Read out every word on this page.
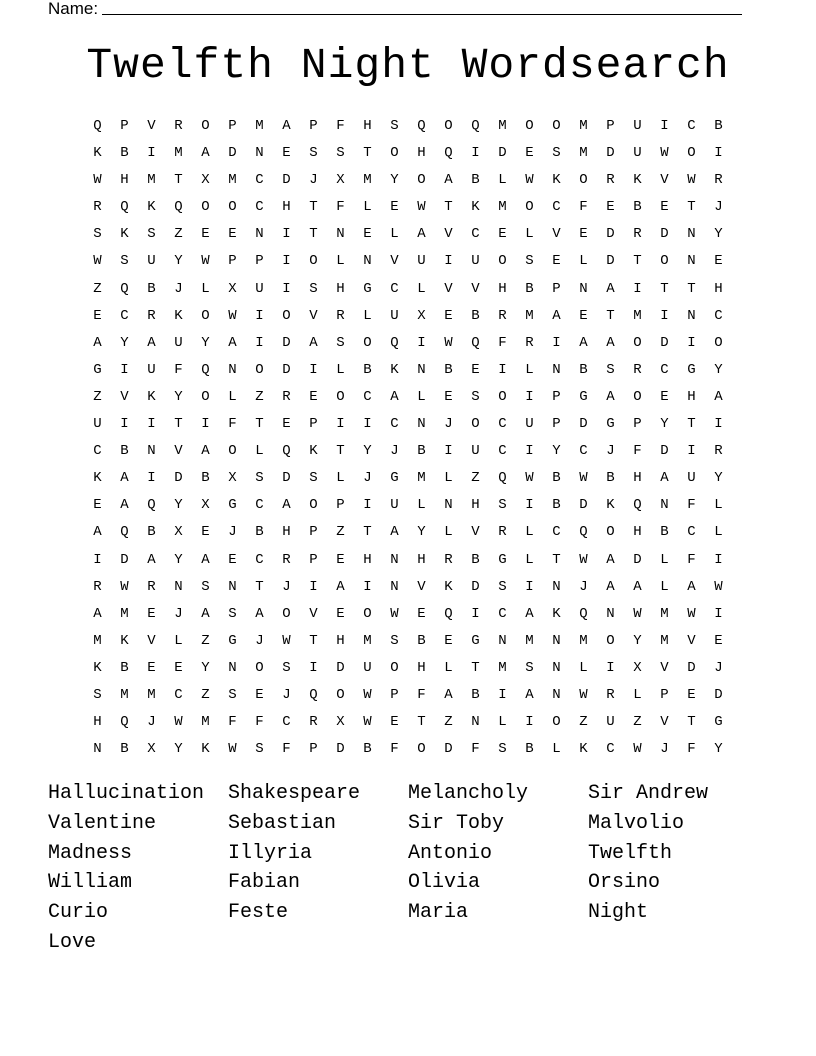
Name:
Twelfth Night Wordsearch
Q	P	V	R	O	P	M	A	P	F	H	S	Q	O	Q	M	O	O	M	P	U	I	C	B
K	B	I	M	A	D	N	E	S	S	T	O	H	Q	I	D	E	S	M	D	U	W	O	I
W	H	M	T	X	M	C	D	J	X	M	Y	O	A	B	L	W	K	O	R	K	V	W	R
R	Q	K	Q	O	O	C	H	T	F	L	E	W	T	K	M	O	C	F	E	B	E	T	J
S	K	S	Z	E	E	N	I	T	N	E	L	A	V	C	E	L	V	E	D	R	D	N	Y
W	S	U	Y	W	P	P	I	O	L	N	V	U	I	U	O	S	E	L	D	T	O	N	E
Z	Q	B	J	L	X	U	I	S	H	G	C	L	V	V	H	B	P	N	A	I	T	T	H
E	C	R	K	O	W	I	O	V	R	L	U	X	E	B	R	M	A	E	T	M	I	N	C
A	Y	A	U	Y	A	I	D	A	S	O	Q	I	W	Q	F	R	I	A	A	O	D	I	O
G	I	U	F	Q	N	O	D	I	L	B	K	N	B	E	I	L	N	B	S	R	C	G	Y
Z	V	K	Y	O	L	Z	R	E	O	C	A	L	E	S	O	I	P	G	A	O	E	H	A
U	I	I	T	I	F	T	E	P	I	I	C	N	J	O	C	U	P	D	G	P	Y	T	I
C	B	N	V	A	O	L	Q	K	T	Y	J	B	I	U	C	I	Y	C	J	F	D	I	R
K	A	I	D	B	X	S	D	S	L	J	G	M	L	Z	Q	W	B	W	B	H	A	U	Y
E	A	Q	Y	X	G	C	A	O	P	I	U	L	N	H	S	I	B	D	K	Q	N	F	L
A	Q	B	X	E	J	B	H	P	Z	T	A	Y	L	V	R	L	C	Q	O	H	B	C	L
I	D	A	Y	A	E	C	R	P	E	H	N	H	R	B	G	L	T	W	A	D	L	F	I
R	W	R	N	S	N	T	J	I	A	I	N	V	K	D	S	I	N	J	A	A	L	A	W
A	M	E	J	A	S	A	O	V	E	O	W	E	Q	I	C	A	K	Q	N	W	M	W	I
M	K	V	L	Z	G	J	W	T	H	M	S	B	E	G	N	M	N	M	O	Y	M	V	E
K	B	E	E	Y	N	O	S	I	D	U	O	H	L	T	M	S	N	L	I	X	V	D	J
S	M	M	C	Z	S	E	J	Q	O	W	P	F	A	B	I	A	N	W	R	L	P	E	D
H	Q	J	W	M	F	F	C	R	X	W	E	T	Z	N	L	I	O	Z	U	Z	V	T	G
N	B	X	Y	K	W	S	F	P	D	B	F	O	D	F	S	B	L	K	C	W	J	F	Y
Hallucination	Shakespeare	Melancholy	Sir Andrew
Valentine	Sebastian	Sir Toby	Malvolio
Madness	Illyria	Antonio	Twelfth
William	Fabian	Olivia	Orsino
Curio	Feste	Maria	Night
Love
